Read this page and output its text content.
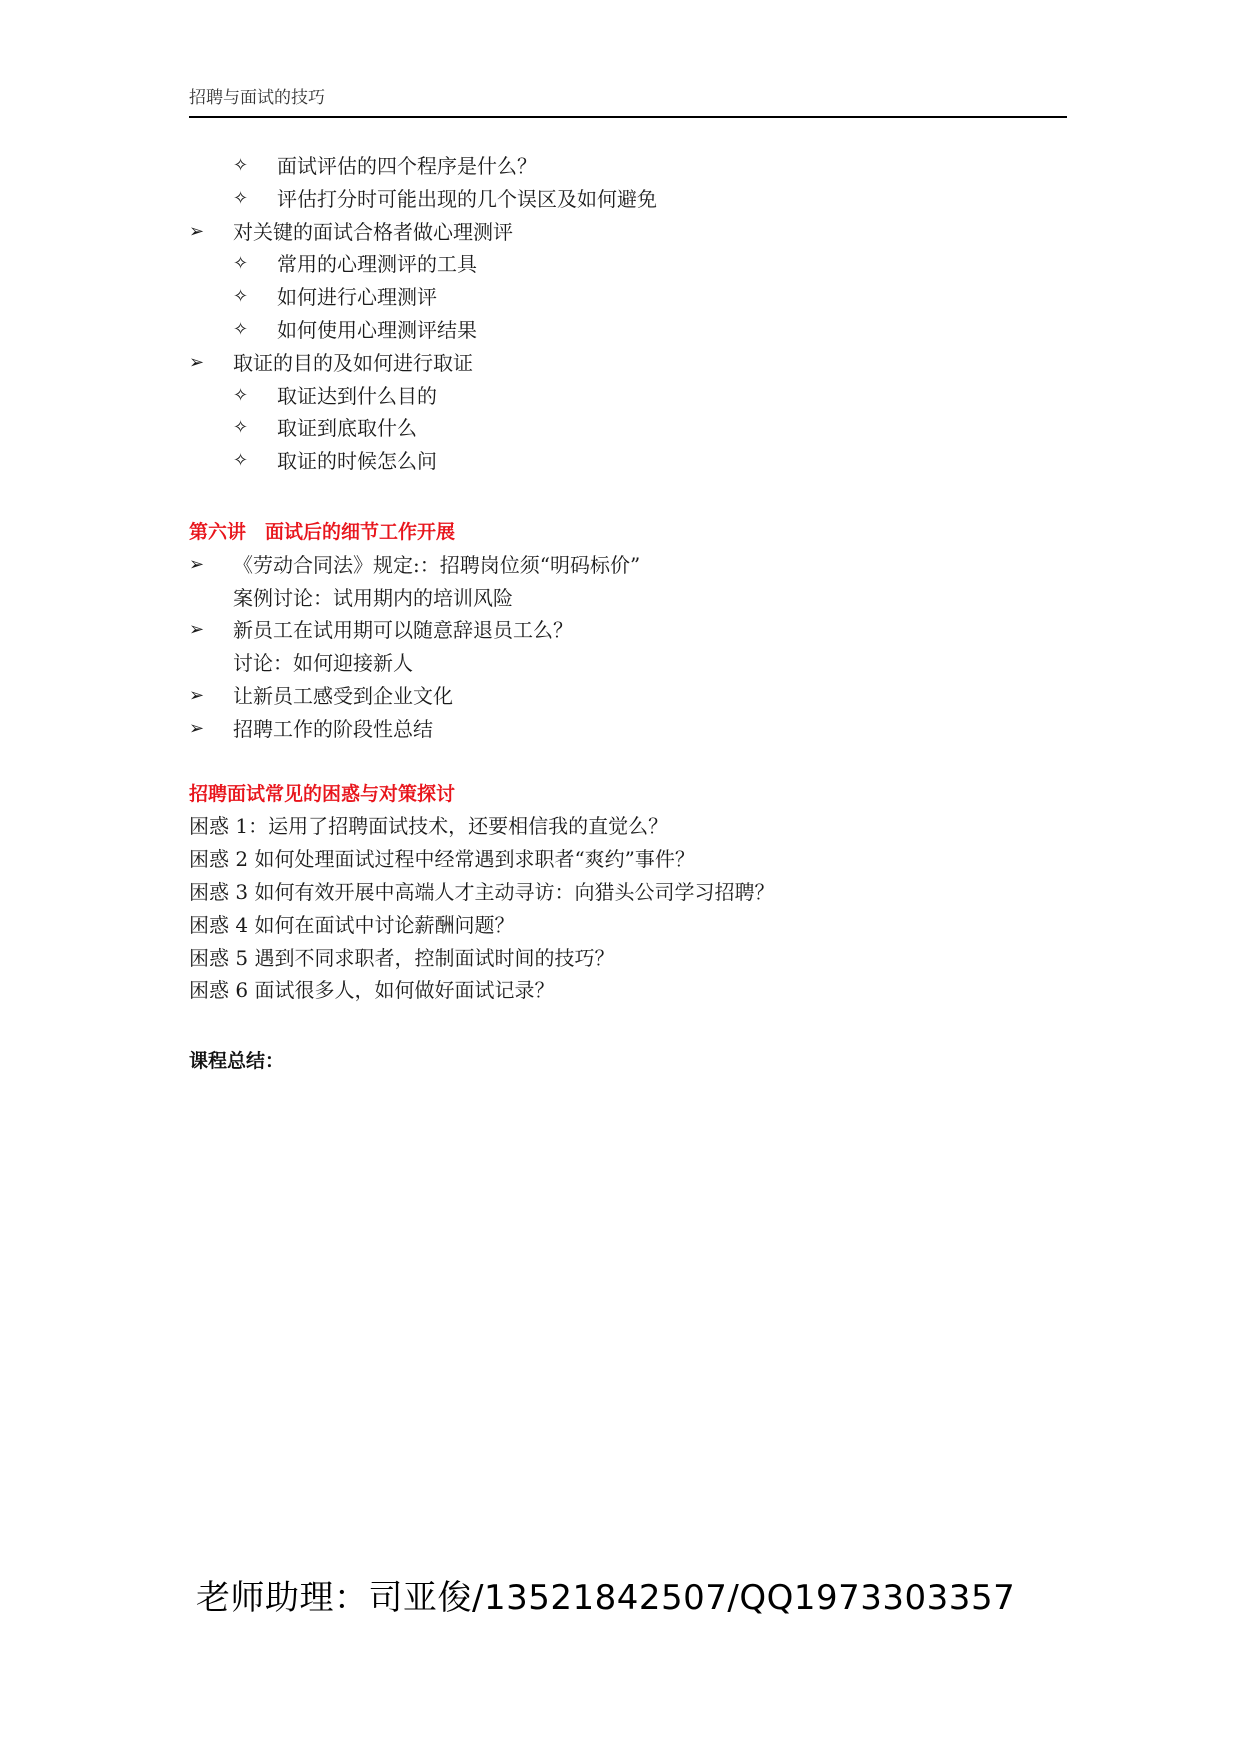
招聘与面试的技巧
✧ 面试评估的四个程序是什么？
✧ 评估打分时可能出现的几个误区及如何避免
➢ 对关键的面试合格者做心理测评
✧ 常用的心理测评的工具
✧ 如何进行心理测评
✧ 如何使用心理测评结果
➢ 取证的目的及如何进行取证
✧ 取证达到什么目的
✧ 取证到底取什么
✧ 取证的时候怎么问
第六讲　面试后的细节工作开展
➢ 《劳动合同法》规定:：招聘岗位须“明码标价”
案例讨论：试用期内的培训风险
➢ 新员工在试用期可以随意辞退员工么？
讨论：如何迎接新人
➢ 让新员工感受到企业文化
➢ 招聘工作的阶段性总结
招聘面试常见的困惑与对策探讨
困惑 1：运用了招聘面试技术，还要相信我的直觉么？
困惑 2 如何处理面试过程中经常遇到求职者“爽约”事件？
困惑 3 如何有效开展中高端人才主动寻访：向猎头公司学习招聘？
困惑 4 如何在面试中讨论薪酬问题？
困惑 5 遇到不同求职者，控制面试时间的技巧？
困惑 6 面试很多人，如何做好面试记录？
课程总结：
老师助理：司亚俊/13521842507/QQ1973303357
